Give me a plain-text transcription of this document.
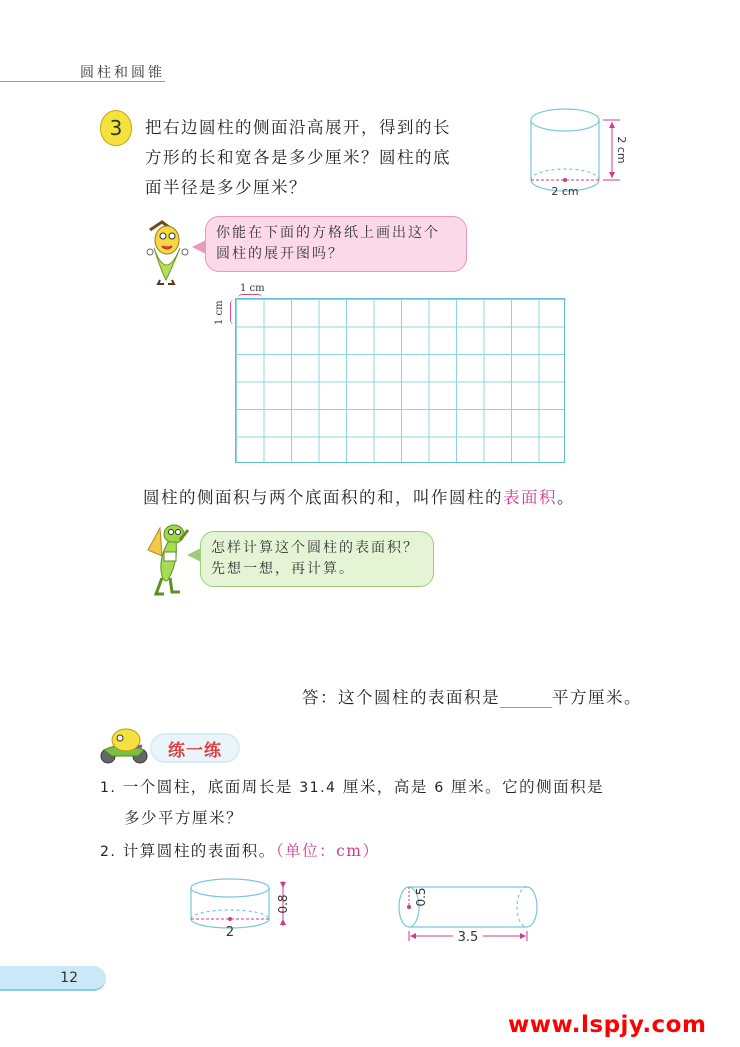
圆柱和圆锥
3 把右边圆柱的侧面沿高展开，得到的长
方形的长和宽各是多少厘米？圆柱的底
面半径是多少厘米？
2 cm
2 cm
你能在下面的方格纸上画出这个
圆柱的展开图吗？
1 cm
1 cm
圆柱的侧面积与两个底面积的和，叫作圆柱的表面积。
怎样计算这个圆柱的表面积？
先想一想，再计算。
答：这个圆柱的表面积是	平方厘米。
练一练
1. 一个圆柱，底面周长是 31.4 厘米，高是 6 厘米。它的侧面积是
多少平方厘米？
2. 计算圆柱的表面积。（单位：cm）
0.8
2
0.5
3.5
12
www.lspjy.com
